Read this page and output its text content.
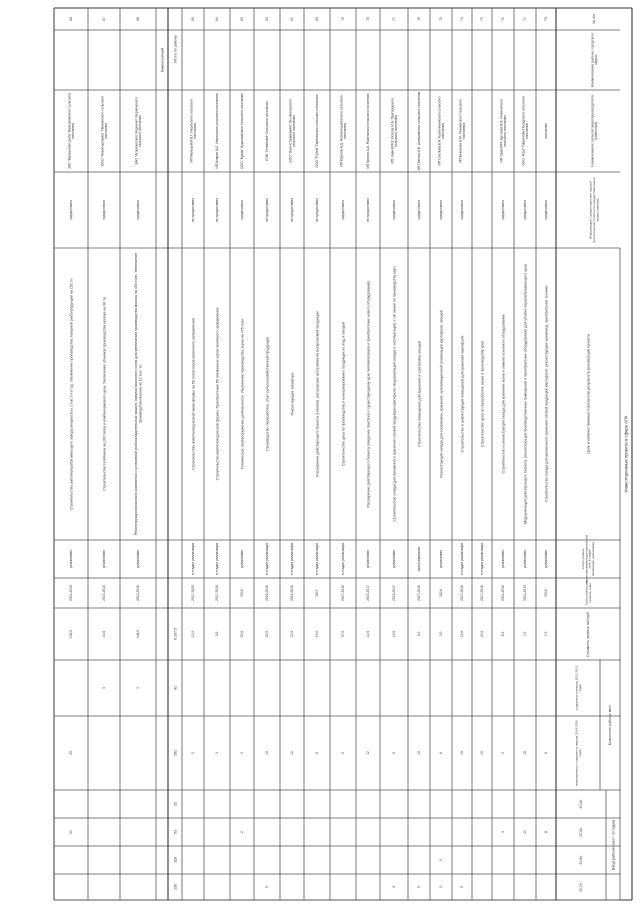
Инвестиционные проекты в сфере АПК
№ п/п
Наименование района, городскогоокруга
Наименование сельхозтоваропроизводителя(инвестора)
Информация о предоставлении годовойбухгалтерской отчетности (предоставлена/непредоставлена)
Цель и количественные показатели результата реализации проекта
Статус проекта(проектирование/подготовительныйэтап, в стадииреализации, реализован)
Срок реализациипроекта, годы
Стоимость проекта, млн руб.
Количество рабочих мест
созданных в период 2011-2013годах
планируемых к созданию в период 2014-2020годах
Ввод рабочих мест по годам
2014г.
2015г.
2016г.
2017г.
70
поселение
предоставил
Строительство склада для временного хранения готовой продукции картофеля, реконструкция хранилищ, приобретение техники
реализован
2015
7,0
8
8
71
ООО "Агро" Гаврилово-Посадского сельскогопоселения
предоставил
Модернизация действующего бизнеса, реконструкция производственных помещений и приобретение оборудования для убойно-перерабатывающего цеха
реализован
2014-2015
7,0
10
10
72
ИП глава КФХ Щеглова В.А. Лежневскогосельского поселения
предоставил
Строительство и реконструкция склада для хранения зерна и замена основного оборудования
реализован
2014-2016
6,5
3
3
73
Строительство цеха по переработке зерна и производству круп
в стадии реализации
2017-2018
40,0
10
74
ИП Бекезина А.М. Лежневского сельскогопоселения
предоставил
Строительство и реконструкция помещений для хранения картофеля
в стадии реализации
2017-2018
10,0
10
5
75
ИП Смелова В.Н. Кузнечихинского сельскогопоселения
предоставил
Реконструкция склада для сортировки, хранения, культивационной реализации картофеля, овощей
реализован
2016
3,0
6
3
3
76
ИП Попова И.В. Шекшовского сельского поселения
предоставил
Строительство помещения для хранения и сортировки овощей
проектирование
2017-2018
5,0
10
5
77
ИП глава К(Ф)Х Осипов И.А. Пригородногосельского поселения
предоставил
Строительство склада для временного хранения готовой продукции картофеля, модернизация склада в эксплуатацию 2-ой линии по производству круп
реализован
2015-2017
15,0
5
4
78
ИП Кротов А.А. Раменского сельского поселения
не предоставил
Расширение действующего бизнеса (введение пристроя к существующему цеху пиломатериала и приобретение нового оборудования)
реализован
2015-2017
12,0
12
79
ИП Кругова А.Д. Новоклязьминского сельскогопоселения
предоставил
Строительство цеха по производству и консервированию продукции из ягод и овощей
в стадии реализации
2017-2018
37,0
5
80
ООО "Рубеж" Гарбовского сельского поселения
не предоставил
Расширение действующего бизнеса (техника), расширение ассортимента выпускаемой продукции
в стадии реализации
2017
10,0
5
81
ООО "Агро-Страхование" Кесовогорскогосельского поселения
не предоставил
Реконструкция элеватора
в стадии реализации
2016-2018
12,0
12
82
СПК "Ленинский" Сельского поселения
не предоставил
Производство, переработка, сбыт сельскохозяйственной продукции
в стадии реализации
2016-2018
40,0
10
5
83
ООО "Кураж" Курышовского сельского поселения
предоставил
Техническое перевооружение деятельности. Увеличение производства зерна на 475 тонн
реализован
2015
20,0
2
2
84
ИП Азаров А.С. Нерльского сельского поселения
не предоставил
Строительство животноводческой фермы. Приобретение 50 племенных коров молочного направления
в стадии реализации
2017-2018
5,5
3
85
ИП Мальцевой В.Г. Нерльского сельскогопоселения
не предоставил
Строительство животноводческой мини-фермы на 50 голов коров молочного направления
в стадии реализации
2017-2020
12,0
2
Итого по району
6 297,5
91
391
23
53
118
136
Камешковский
86
ЗАО "Агрокомплекс Мурмино" Мурминскогосельского поселения
предоставил
Реконструкция молочного комплекса с установкой рыбоохладительных машин. Закупка молочного скота для увеличения производства молока на 450 тонн. Увеличениепроизводства молока на 12 тыс. тн
реализован
2013-2016
146,0
3
87
ООО "Новоподгорное" Пенкинского сельскогопоселения
предоставил
Строительство телятника на 200 голов и комбикормового цеха. Увеличение объемов производства молока на 90 тн
реализован
2013-2015
10,0
5
88
ЗАО "Камешково рыба" Камешковского сельскогопоселения
предоставил
Строительство рыбоперерабатывающего завода мощностью 1 тыс.тн в год. Увеличение производства товарной рыбопродукции на 152 тн.
реализован
2014-2015
100,0
20
20
